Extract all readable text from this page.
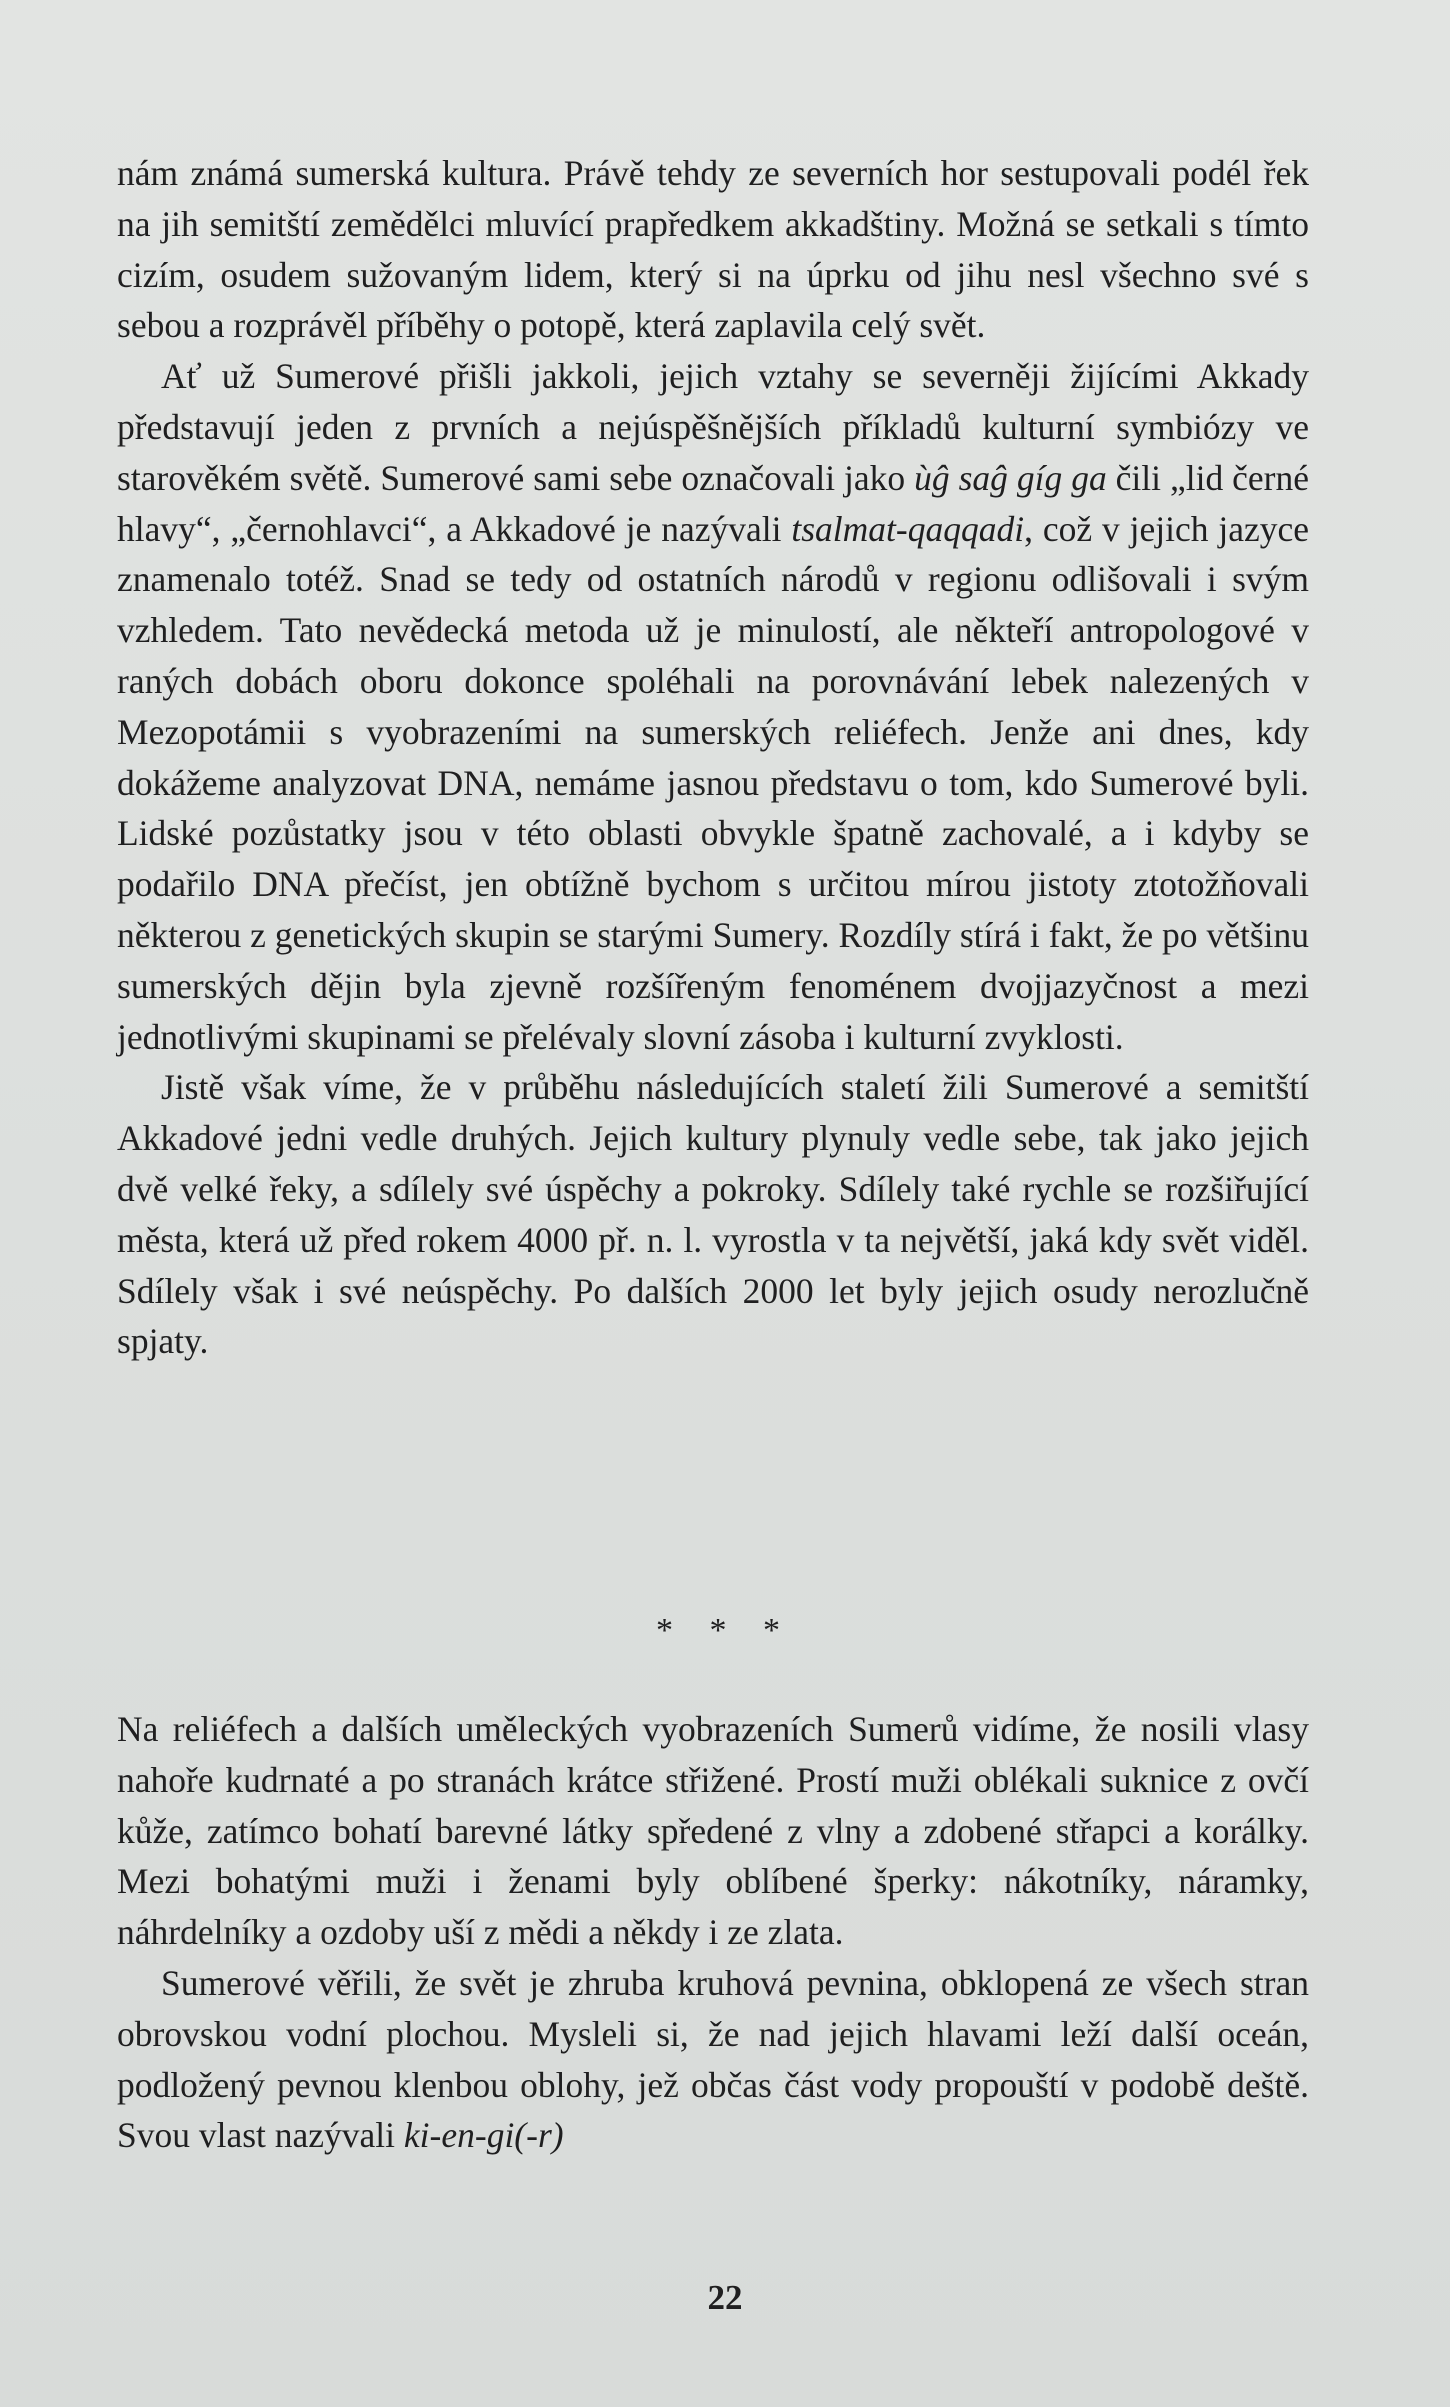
nám známá sumerská kultura. Právě tehdy ze severních hor sestupovali podél řek na jih semitští zemědělci mluvící prapředkem akkadštiny. Možná se setkali s tímto cizím, osudem sužovaným lidem, který si na úprku od jihu nesl všechno své s sebou a rozprávěl příběhy o potopě, která zaplavila celý svět.

Ať už Sumerové přišli jakkoli, jejich vztahy se severněji žijícími Akkady představují jeden z prvních a nejúspěšnějších příkladů kulturní symbiózy ve starověkém světě. Sumerové sami sebe označovali jako ùĝ saĝ gíg ga čili „lid černé hlavy“, „černohlavci“, a Akkadové je nazývali tsalmat-qaqqadi, což v jejich jazyce znamenalo totéž. Snad se tedy od ostatních národů v regionu odlišovali i svým vzhledem. Tato nevědecká metoda už je minulostí, ale někteří antropologové v raných dobách oboru dokonce spoléhali na porovnávání lebek nalezených v Mezopotámii s vyobrazeními na sumerských reliéfech. Jenže ani dnes, kdy dokážeme analyzovat DNA, nemáme jasnou představu o tom, kdo Sumerové byli. Lidské pozůstatky jsou v této oblasti obvykle špatně zachovalé, a i kdyby se podařilo DNA přečíst, jen obtížně bychom s určitou mírou jistoty ztotožňovali některou z genetických skupin se starými Sumery. Rozdíly stírá i fakt, že po většinu sumerských dějin byla zjevně rozšířeným fenoménem dvojjazyčnost a mezi jednotlivými skupinami se přelévaly slovní zásoba i kulturní zvyklosti.

Jistě však víme, že v průběhu následujících staletí žili Sumerové a semitští Akkadové jedni vedle druhých. Jejich kultury plynuly vedle sebe, tak jako jejich dvě velké řeky, a sdílely své úspěchy a pokroky. Sdílely také rychle se rozšiřující města, která už před rokem 4000 př. n. l. vyrostla v ta největší, jaká kdy svět viděl. Sdílely však i své neúspěchy. Po dalších 2000 let byly jejich osudy nerozlučně spjaty.

* * *

Na reliéfech a dalších uměleckých vyobrazeních Sumerů vidíme, že nosili vlasy nahoře kudrnaté a po stranách krátce střižené. Prostí muži oblékali suknice z ovčí kůže, zatímco bohatí barevné látky spředené z vlny a zdobené střapci a korálky. Mezi bohatými muži i ženami byly oblíbené šperky: nákotníky, náramky, náhrdelníky a ozdoby uší z mědi a někdy i ze zlata.

Sumerové věřili, že svět je zhruba kruhová pevnina, obklopená ze všech stran obrovskou vodní plochou. Mysleli si, že nad jejich hlavami leží další oceán, podložený pevnou klenbou oblohy, jež občas část vody propouští v podobě deště. Svou vlast nazývali ki-en-gi(-r)

22
